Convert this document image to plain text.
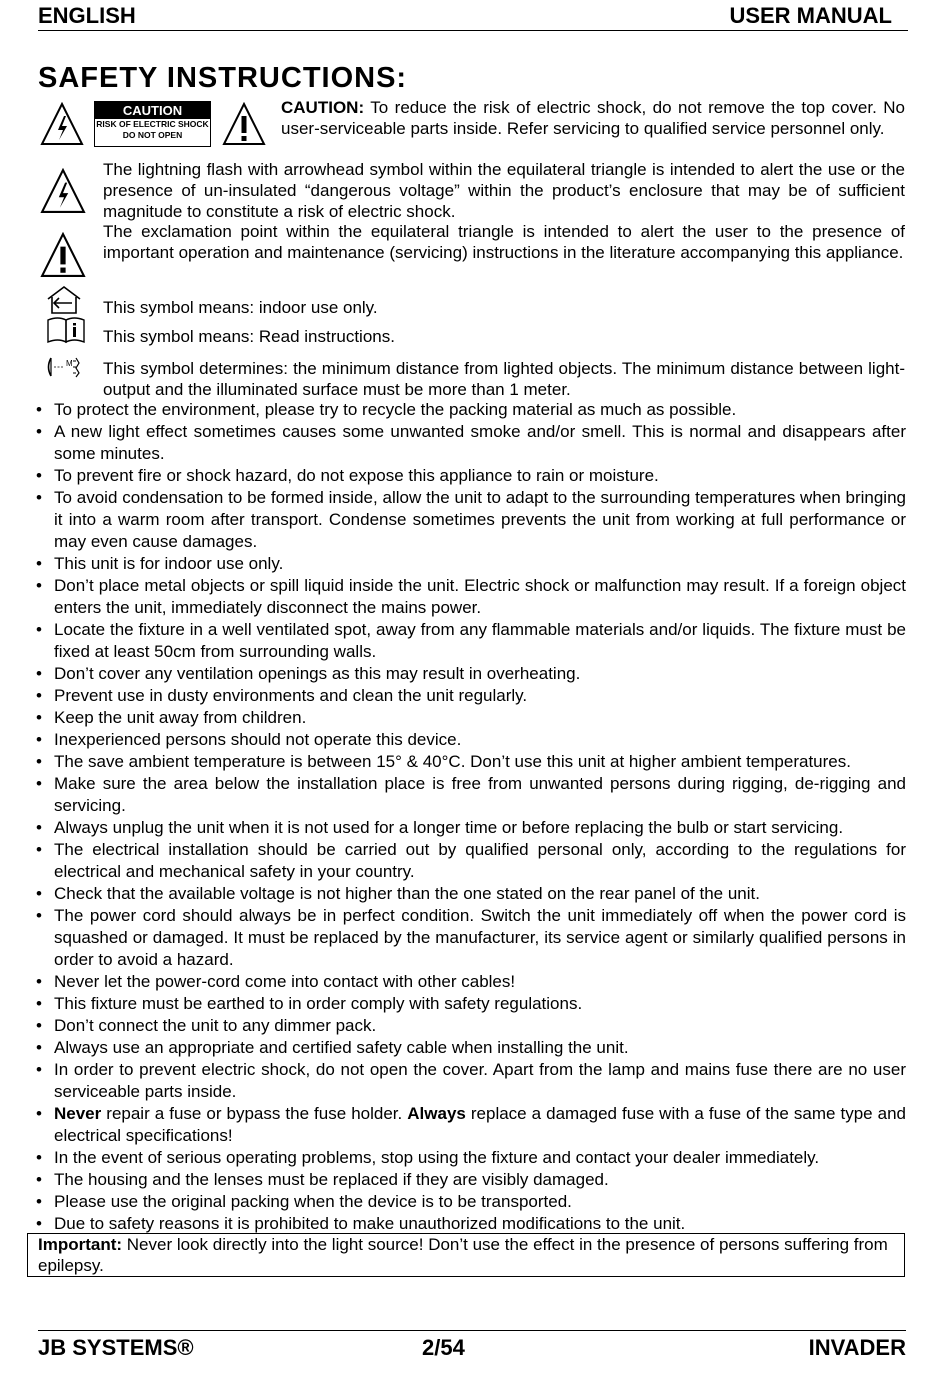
ENGLISH	USER MANUAL
SAFETY INSTRUCTIONS:
CAUTION
RISK OF ELECTRIC SHOCK
DO NOT OPEN
CAUTION: To reduce the risk of electric shock, do not remove the top cover. No user-serviceable parts inside. Refer servicing to qualified service personnel only.
The lightning flash with arrowhead symbol within the equilateral triangle is intended to alert the use or the presence of un-insulated “dangerous voltage” within the product’s enclosure that may be of sufficient magnitude to constitute a risk of electric shock.
The exclamation point within the equilateral triangle is intended to alert the user to the presence of important operation and maintenance (servicing) instructions in the literature accompanying this appliance.
This symbol means: indoor use only.
This symbol means: Read instructions.
M This symbol determines: the minimum distance from lighted objects. The minimum distance between light-output and the illuminated surface must be more than 1 meter.
• To protect the environment, please try to recycle the packing material as much as possible.
• A new light effect sometimes causes some unwanted smoke and/or smell. This is normal and disappears after some minutes.
• To prevent fire or shock hazard, do not expose this appliance to rain or moisture.
• To avoid condensation to be formed inside, allow the unit to adapt to the surrounding temperatures when bringing it into a warm room after transport. Condense sometimes prevents the unit from working at full performance or may even cause damages.
• This unit is for indoor use only.
• Don’t place metal objects or spill liquid inside the unit. Electric shock or malfunction may result. If a foreign object enters the unit, immediately disconnect the mains power.
• Locate the fixture in a well ventilated spot, away from any flammable materials and/or liquids. The fixture must be fixed at least 50cm from surrounding walls.
• Don’t cover any ventilation openings as this may result in overheating.
• Prevent use in dusty environments and clean the unit regularly.
• Keep the unit away from children.
• Inexperienced persons should not operate this device.
• The save ambient temperature is between 15° & 40°C. Don’t use this unit at higher ambient temperatures.
• Make sure the area below the installation place is free from unwanted persons during rigging, de-rigging and servicing.
• Always unplug the unit when it is not used for a longer time or before replacing the bulb or start servicing.
• The electrical installation should be carried out by qualified personal only, according to the regulations for electrical and mechanical safety in your country.
• Check that the available voltage is not higher than the one stated on the rear panel of the unit.
• The power cord should always be in perfect condition. Switch the unit immediately off when the power cord is squashed or damaged. It must be replaced by the manufacturer, its service agent or similarly qualified persons in order to avoid a hazard.
• Never let the power-cord come into contact with other cables!
• This fixture must be earthed to in order comply with safety regulations.
• Don’t connect the unit to any dimmer pack.
• Always use an appropriate and certified safety cable when installing the unit.
• In order to prevent electric shock, do not open the cover. Apart from the lamp and mains fuse there are no user serviceable parts inside.
• Never repair a fuse or bypass the fuse holder. Always replace a damaged fuse with a fuse of the same type and electrical specifications!
• In the event of serious operating problems, stop using the fixture and contact your dealer immediately.
• The housing and the lenses must be replaced if they are visibly damaged.
• Please use the original packing when the device is to be transported.
• Due to safety reasons it is prohibited to make unauthorized modifications to the unit.
Important: Never look directly into the light source! Don’t use the effect in the presence of persons suffering from epilepsy.
JB SYSTEMS®	2/54	INVADER
